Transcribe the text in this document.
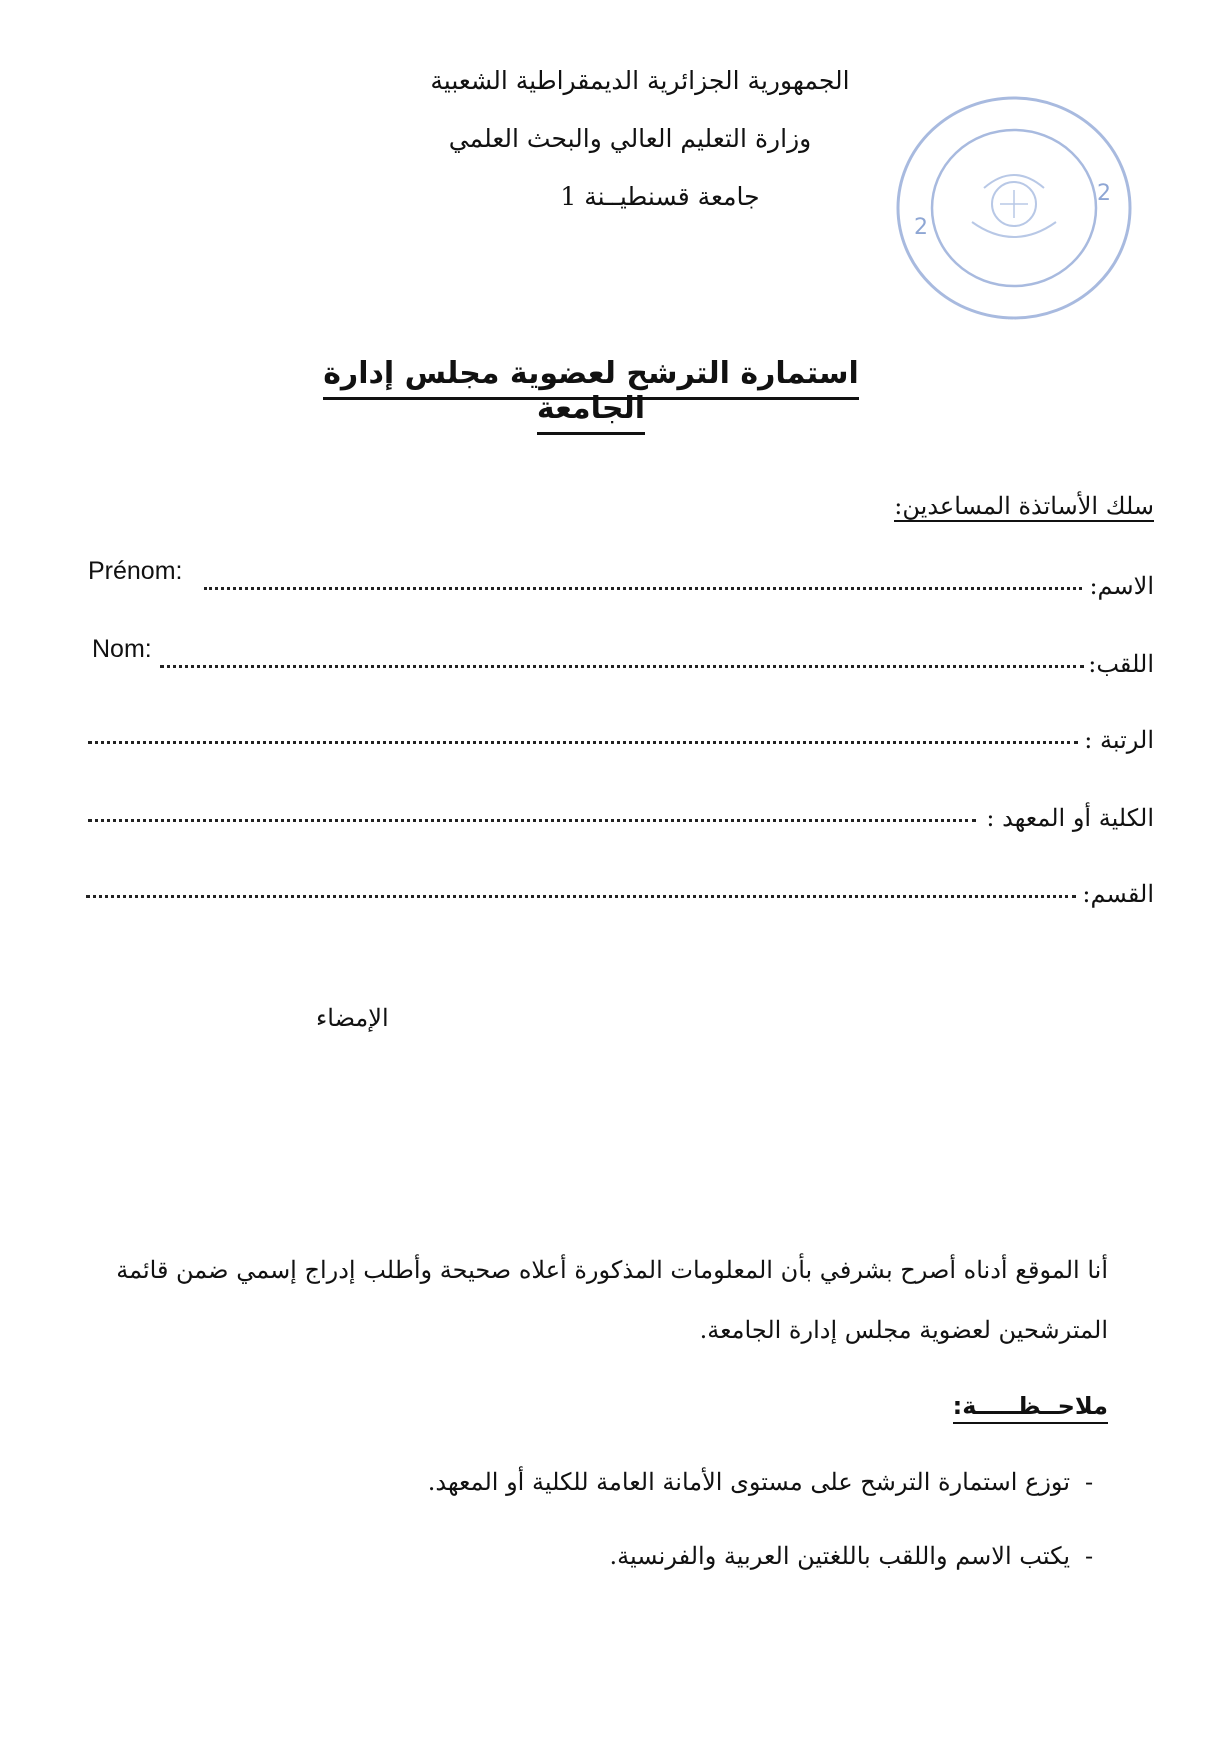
الجمهورية الجزائرية الديمقراطية الشعبية
وزارة التعليم العالي والبحث العلمي
جامعة قسنطيــنة 1	2
2
وزارة التعليم العالي والبحث العلمي - جامعة الإخوة منتوري
استمارة الترشح لعضوية مجلس إدارة الجامعة
سلك الأساتذة المساعدين:
Prénom:
الاسم:
Nom:
اللقب:
الرتبة :
الكلية أو المعهد :
القسم:
الإمضاء
أنا الموقع أدناه أصرح بشرفي بأن المعلومات المذكورة أعلاه صحيحة وأطلب إدراج إسمي ضمن قائمة المترشحين لعضوية مجلس إدارة الجامعة.
ملاحــظـــــة:
-توزع استمارة الترشح على مستوى الأمانة العامة للكلية أو المعهد.
-يكتب الاسم واللقب باللغتين العربية والفرنسية.
